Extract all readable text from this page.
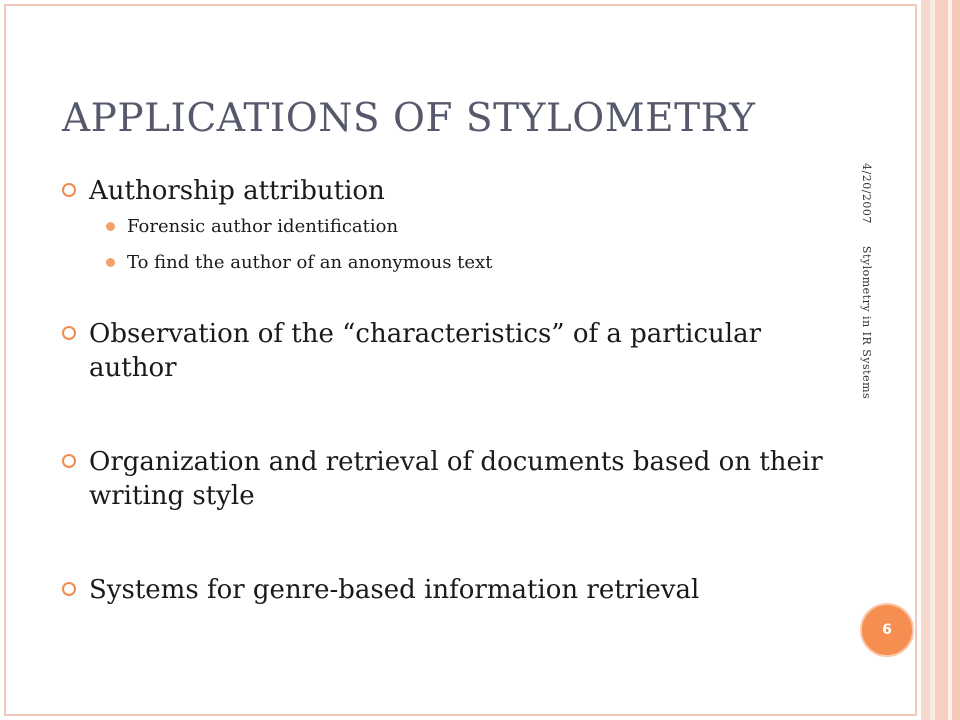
APPLICATIONS OF STYLOMETRY
Authorship attribution
Forensic author identification
To find the author of an anonymous text
Observation of the “characteristics” of a particular author
Organization and retrieval of documents based on their writing style
Systems for genre-based information retrieval
4/20/2007Stylometry in IR Systems
6
